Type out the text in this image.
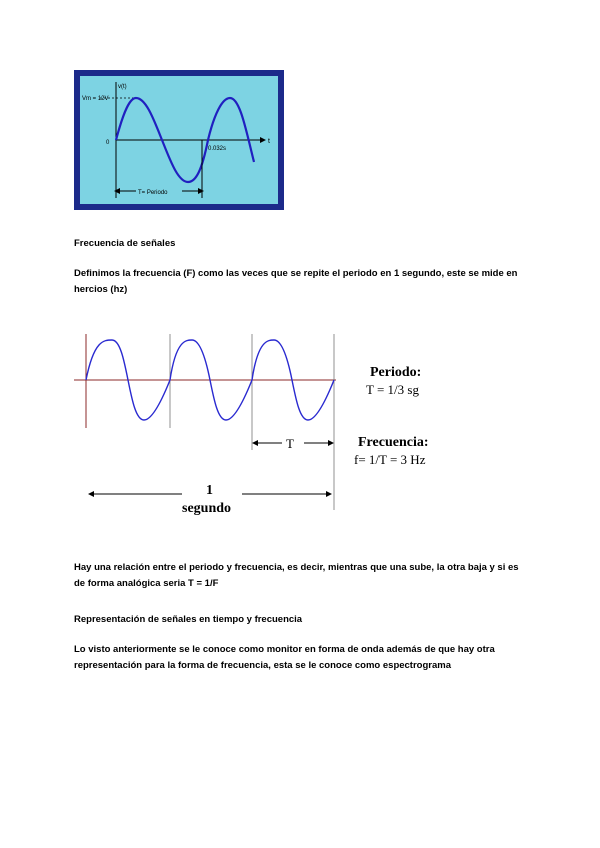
T= Periodo
v(t)
Vm = 12V
0	t
0.032s
Frecuencia de señales
Definimos la frecuencia (F) como las veces que se repite el periodo en 1 segundo, este se mide en hercios (hz)
T
1
segundo
Periodo:
T = 1/3 sg
Frecuencia:
f= 1/T = 3 Hz
Hay una relación entre el periodo y frecuencia, es decir, mientras que una sube, la otra baja y si es de forma analógica seria T = 1/F
Representación de señales en tiempo y frecuencia
Lo visto anteriormente se le conoce como monitor en forma de onda además de que hay otra representación para la forma de frecuencia, esta se le conoce como espectrograma
